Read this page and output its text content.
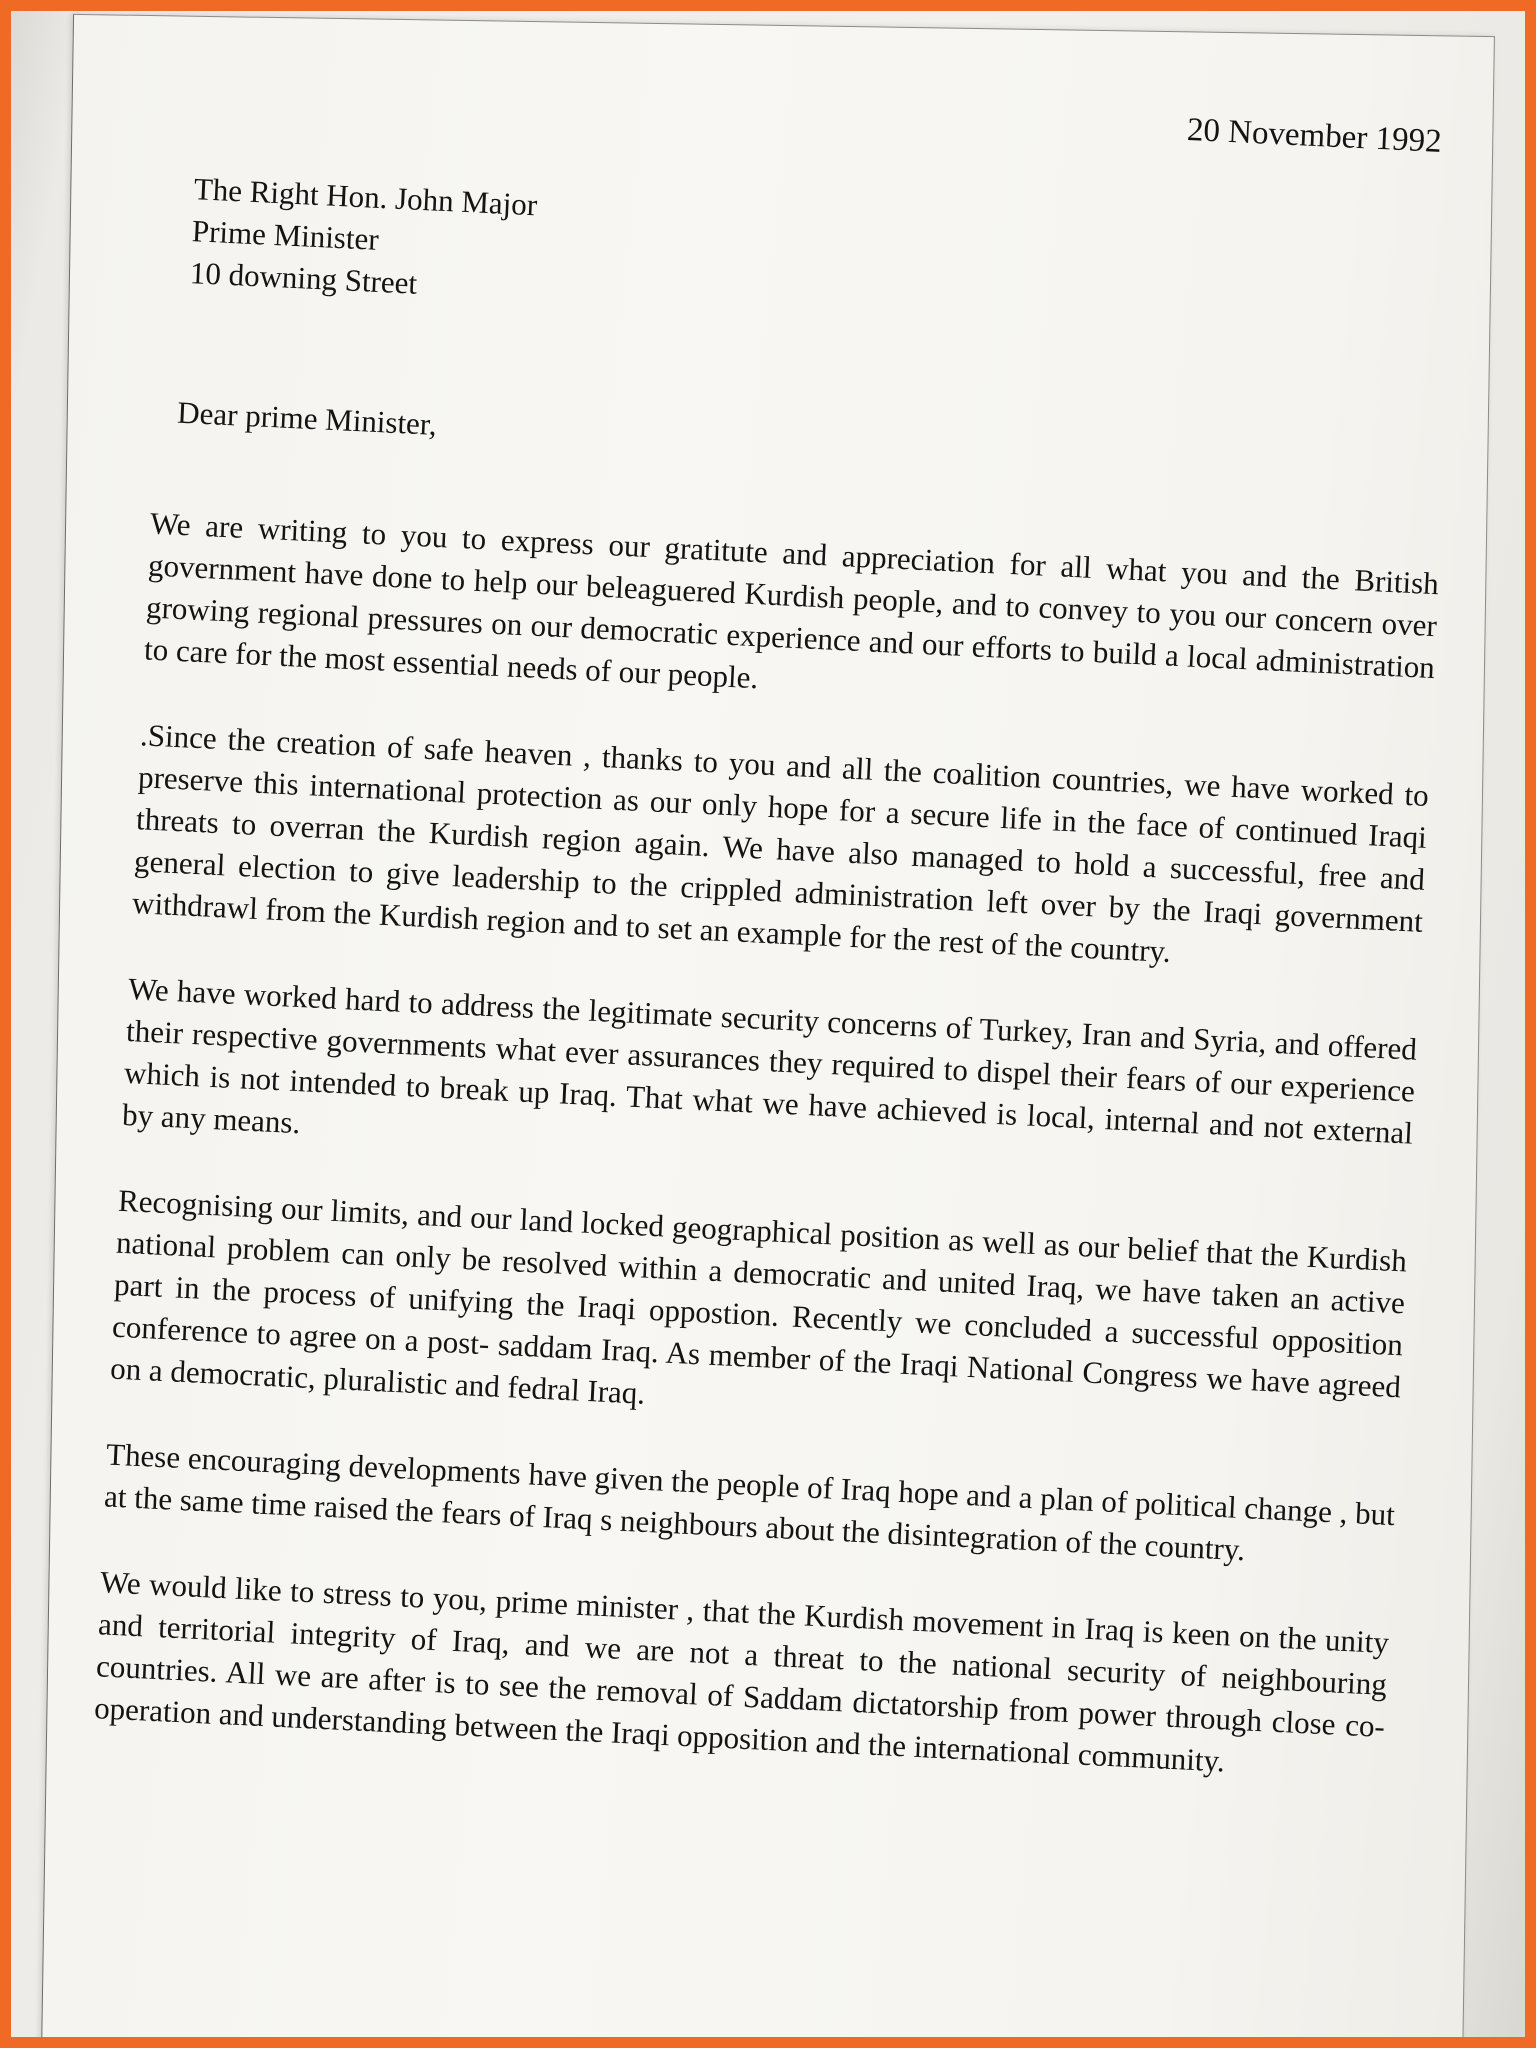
20 November 1992
The Right Hon. John Major
Prime Minister
10 downing Street
Dear prime Minister,

We are writing to you to express our gratitute and appreciation for all what you and the British government have done to help our beleaguered Kurdish people, and to convey to you our concern over growing regional pressures on our democratic experience and our efforts to build a local administration to care for the most essential needs of our people.

.Since the creation of safe heaven , thanks to you and all the coalition countries, we have worked to preserve this international protection as our only hope for a secure life in the face of continued Iraqi threats to overran the Kurdish region again. We have also managed to hold a successful, free and general election to give leadership to the crippled administration left over by the Iraqi government withdrawl from the Kurdish region and to set an example for the rest of the country.

We have worked hard to address the legitimate security concerns of Turkey, Iran and Syria, and offered their respective governments what ever assurances they required to dispel their fears of our experience which is not intended to break up Iraq. That what we have achieved is local, internal and not external by any means.

Recognising our limits, and our land locked geographical position as well as our belief that the Kurdish national problem can only be resolved within a democratic and united Iraq, we have taken an active part in the process of unifying the Iraqi oppostion. Recently we concluded a successful opposition conference to agree on a post- saddam Iraq. As member of the Iraqi National Congress we have agreed on a democratic, pluralistic and fedral Iraq.

These encouraging developments have given the people of Iraq hope and a plan of political change , but at the same time raised the fears of Iraq s neighbours about the disintegration of the country.

We would like to stress to you, prime minister , that the Kurdish movement in Iraq is keen on the unity and territorial integrity of Iraq, and we are not a threat to the national security of neighbouring countries. All we are after is to see the removal of Saddam dictatorship from power through close co-operation and understanding between the Iraqi opposition and the international community.
